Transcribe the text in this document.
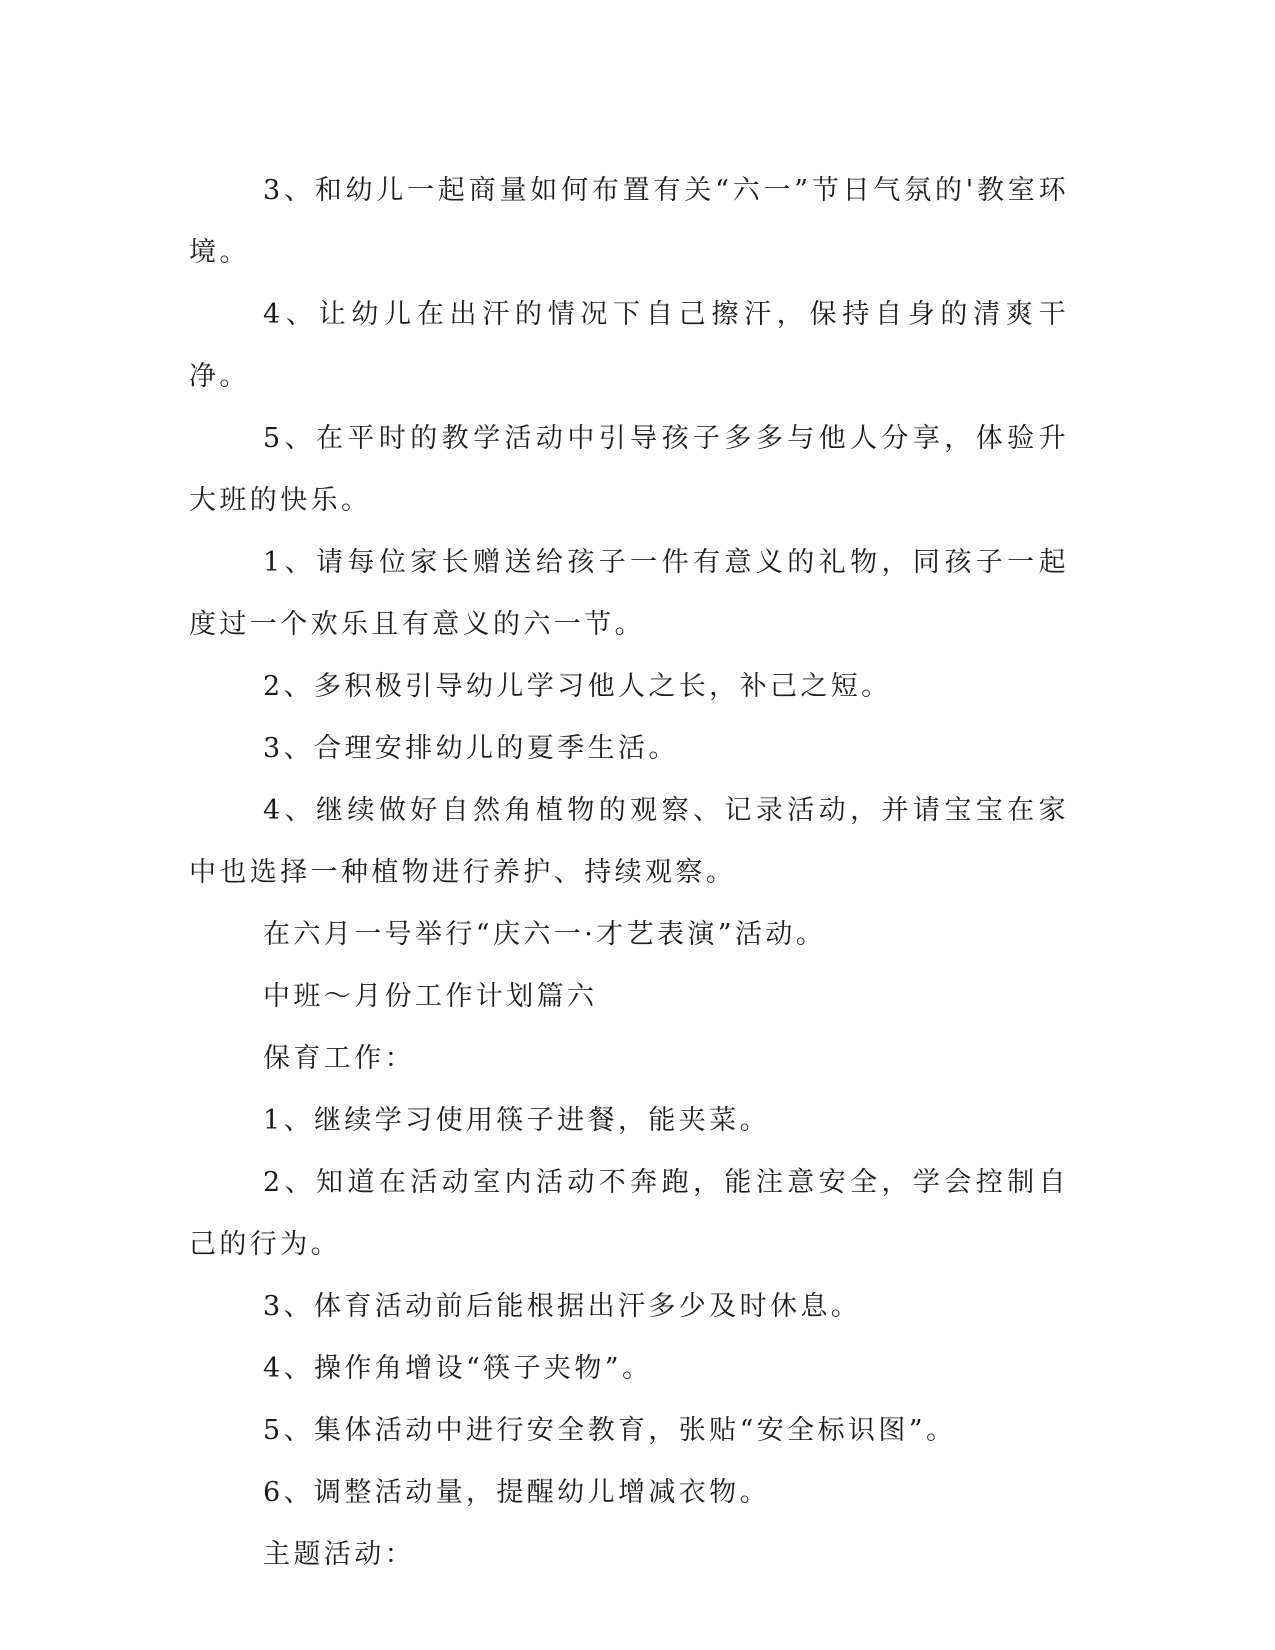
3、和幼儿一起商量如何布置有关“六一”节日气氛的'教室环境。

4、让幼儿在出汗的情况下自己擦汗，保持自身的清爽干净。

5、在平时的教学活动中引导孩子多多与他人分享，体验升大班的快乐。

1、请每位家长赠送给孩子一件有意义的礼物，同孩子一起度过一个欢乐且有意义的六一节。

2、多积极引导幼儿学习他人之长，补己之短。

3、合理安排幼儿的夏季生活。

4、继续做好自然角植物的观察、记录活动，并请宝宝在家中也选择一种植物进行养护、持续观察。

在六月一号举行“庆六一·才艺表演”活动。

中班～月份工作计划篇六

保育工作：

1、继续学习使用筷子进餐，能夹菜。

2、知道在活动室内活动不奔跑，能注意安全，学会控制自己的行为。

3、体育活动前后能根据出汗多少及时休息。

4、操作角增设“筷子夹物”。

5、集体活动中进行安全教育，张贴“安全标识图”。

6、调整活动量，提醒幼儿增减衣物。

主题活动：
